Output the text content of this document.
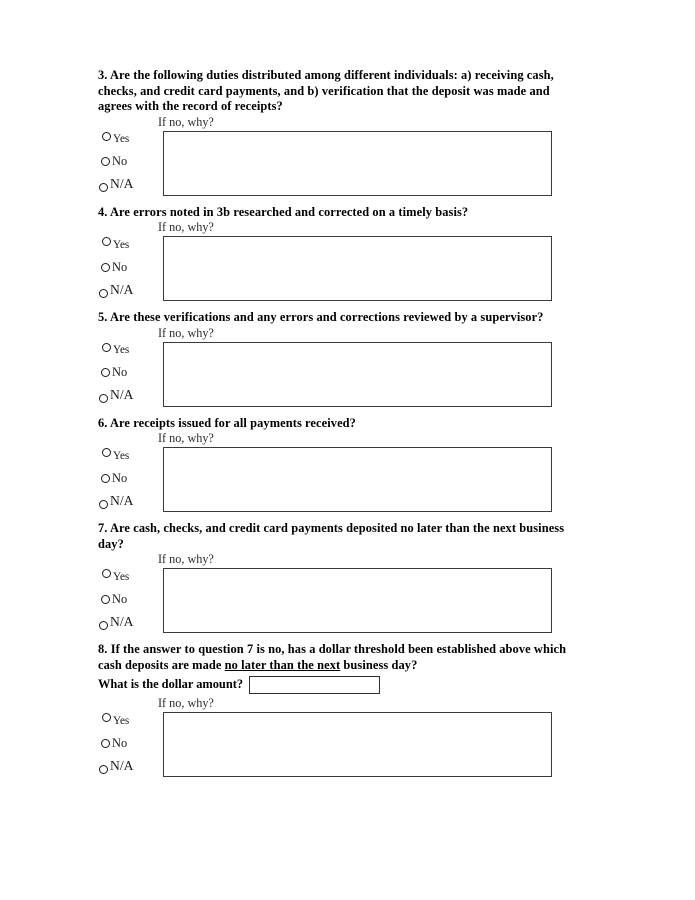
3. Are the following duties distributed among different individuals: a) receiving cash, checks, and credit card payments, and b) verification that the deposit was made and agrees with the record of receipts?

If no, why?
Yes
No
N/A

4. Are errors noted in 3b researched and corrected on a timely basis?

If no, why?
Yes
No
N/A

5. Are these verifications and any errors and corrections reviewed by a supervisor?

If no, why?
Yes
No
N/A

6. Are receipts issued for all payments received?

If no, why?
Yes
No
N/A

7. Are cash, checks, and credit card payments deposited no later than the next business day?

If no, why?
Yes
No
N/A

8. If the answer to question 7 is no, has a dollar threshold been established above which cash deposits are made no later than the next business day?

What is the dollar amount?
If no, why?
Yes
No
N/A
